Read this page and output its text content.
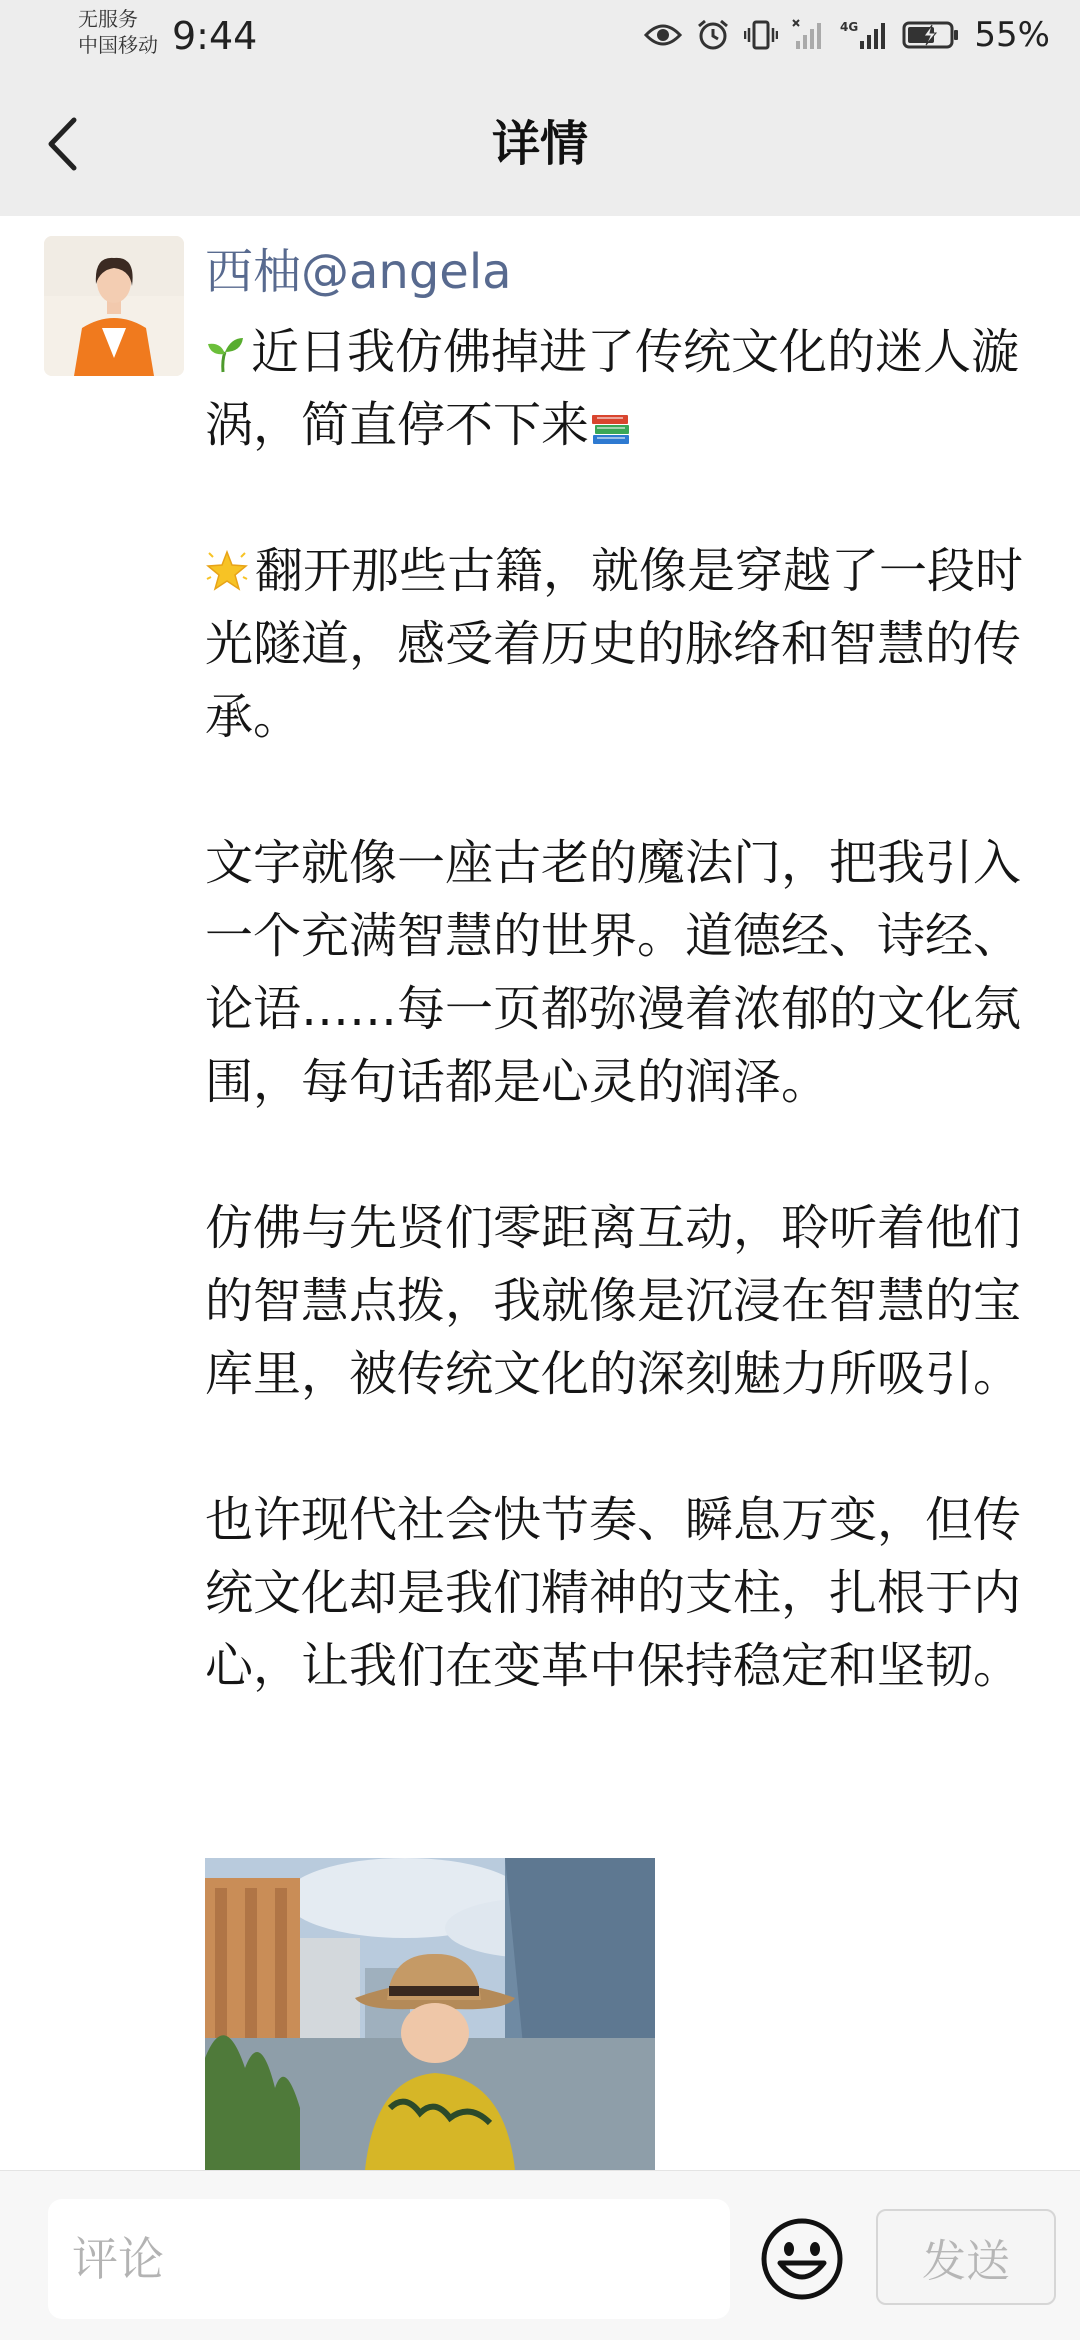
无服务
中国移动 9:44	4G	55%
详情
西柚@angela

近日我仿佛掉进了传统文化的迷人漩涡，简直停不下来

翻开那些古籍，就像是穿越了一段时光隧道，感受着历史的脉络和智慧的传承。

文字就像一座古老的魔法门，把我引入一个充满智慧的世界。道德经、诗经、论语……每一页都弥漫着浓郁的文化氛围，每句话都是心灵的润泽。

仿佛与先贤们零距离互动，聆听着他们的智慧点拨，我就像是沉浸在智慧的宝库里，被传统文化的深刻魅力所吸引。

也许现代社会快节奏、瞬息万变，但传统文化却是我们精神的支柱，扎根于内心，让我们在变革中保持稳定和坚韧。

评论
发送
